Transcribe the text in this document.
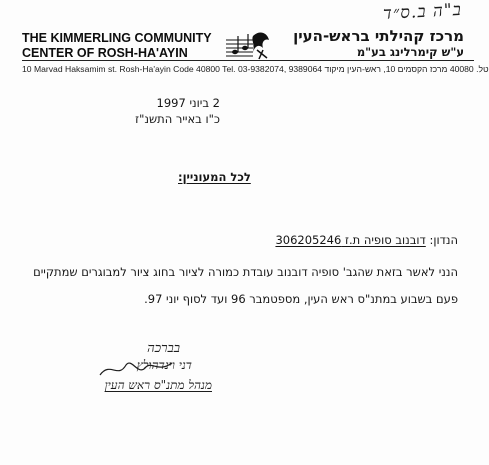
ב"ה ב.ס״ד
THE KIMMERLING COMMUNITY
CENTER OF ROSH-HA'AYIN
מרכז קהילתי בראש-העין
ע"ש קימרלינג בע"מ
10 Marvad Haksamim st. Rosh-Ha'ayin Code 40800 Tel. 03-9382074, 9389064 טל. 40080 מרכז הקסמים 10, ראש-העין מיקוד
2 ביוני 1997
כ"ו באייר התשנ"ז
לכל המעוניין:
הנדון: דובנוב סופיה ת.ז 306205246
הנני לאשר בזאת שהגב' סופיה דובנוב עובדת כמורה לציור בחוג ציור למבוגרים שמתקיים
פעם בשבוע במתנ"ס ראש העין, מספטמבר 96 ועד לסוף יוני 97.
בברכה
דני וינדהולץ
מנהל מתנ"ס ראש העין
